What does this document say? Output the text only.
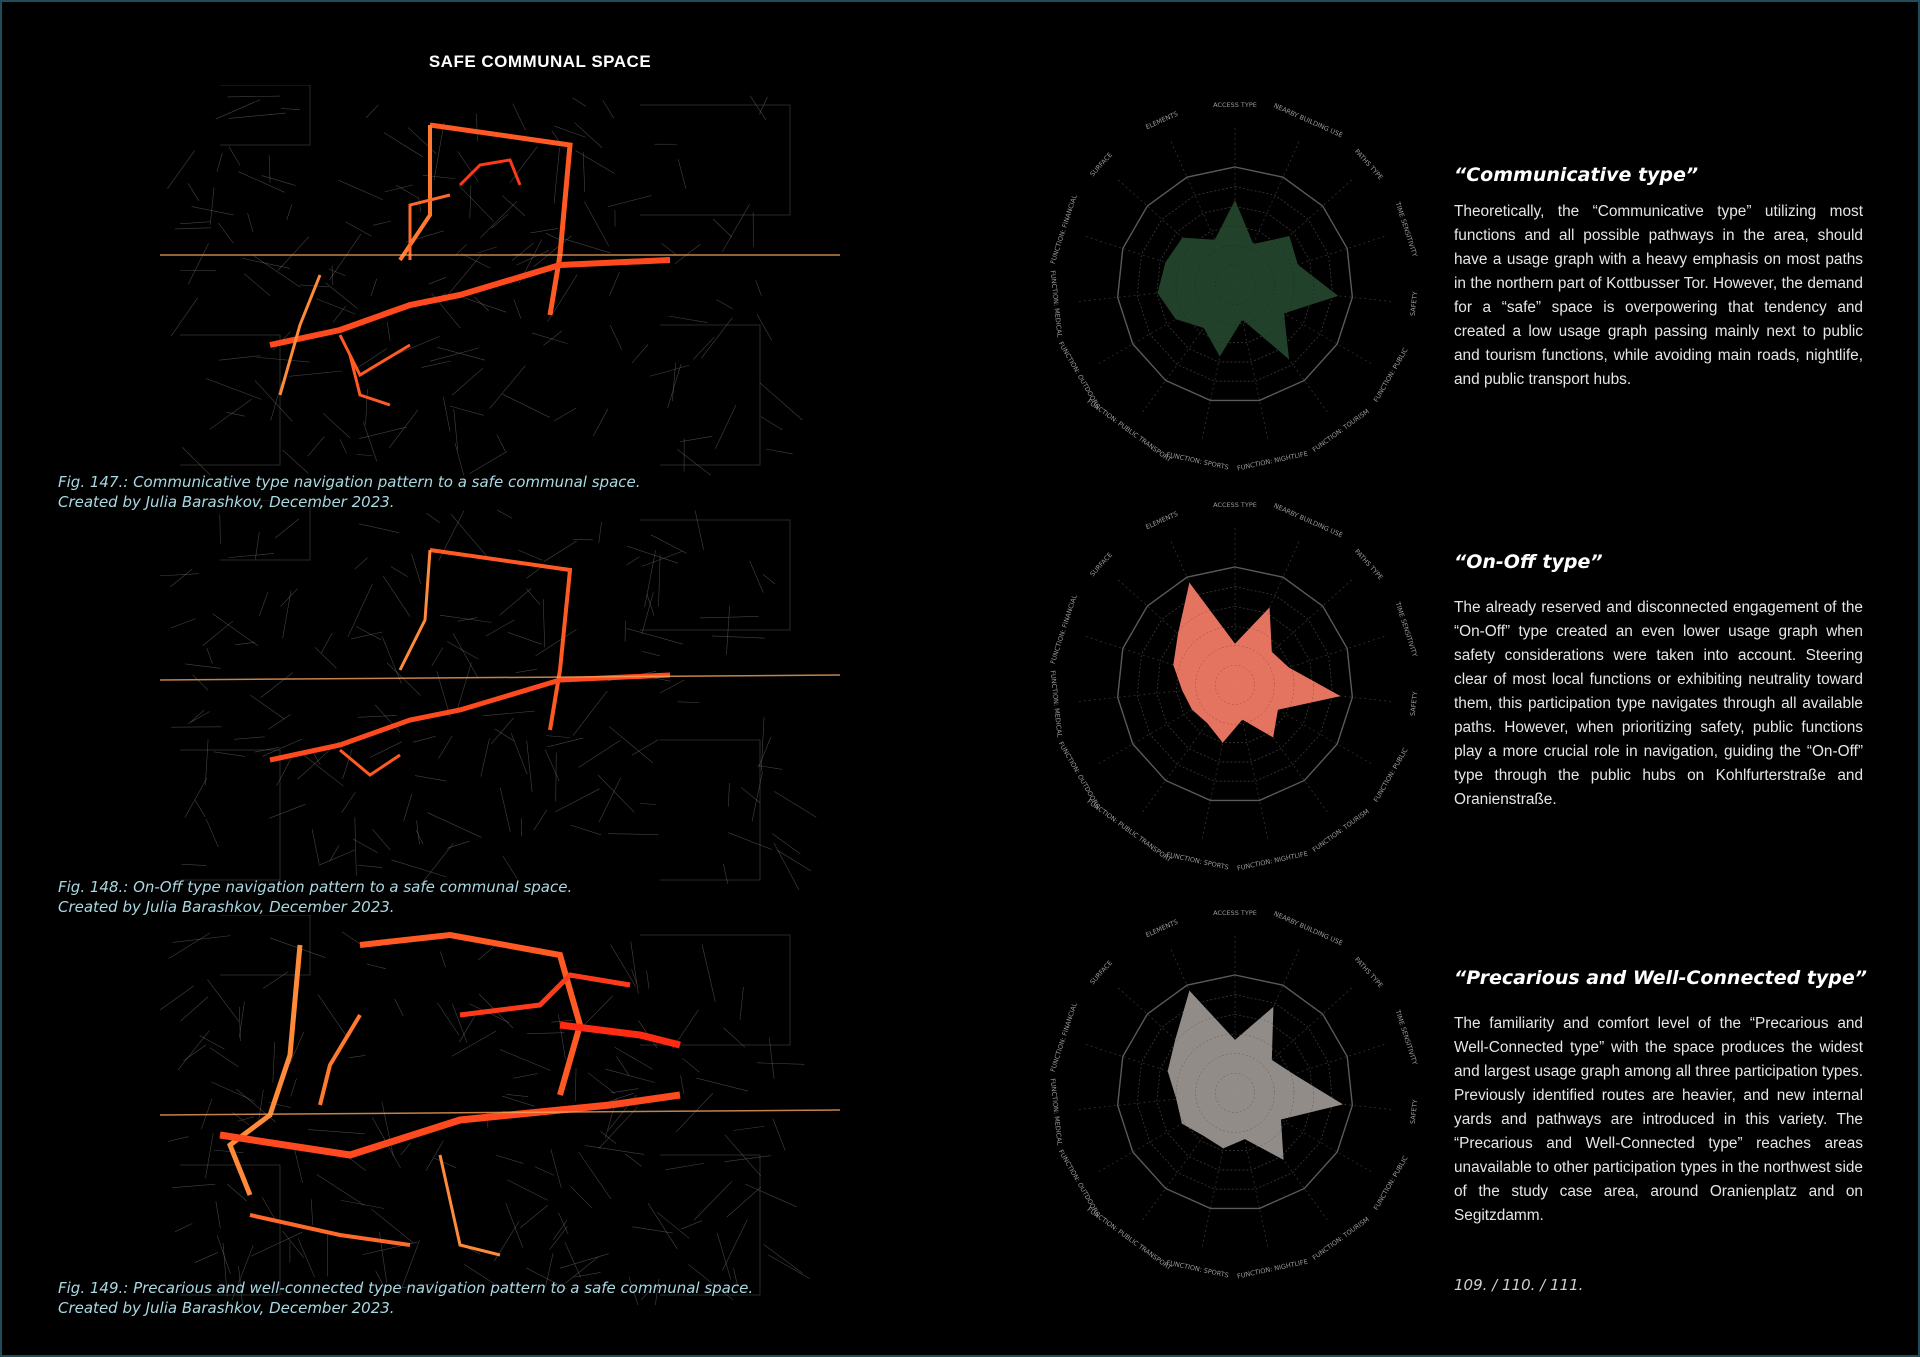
SAFE COMMUNAL SPACE
Fig. 147.: Communicative type navigation pattern to a safe communal space.
Created by Julia Barashkov, December 2023.
Fig. 148.: On-Off type navigation pattern to a safe communal space.
Created by Julia Barashkov, December 2023.
Fig. 149.: Precarious and well-connected type navigation pattern to a safe communal space.
Created by Julia Barashkov, December 2023.
ACCESS TYPE NEARBY BUILDING USE
PATHS TYPE
TIME SENSITIVITY
SAFETY
FUNCTION: PUBLIC
FUNCTION: TOURISM
FUNCTION: NIGHTLIFE
FUNCTION: SPORTS
FUNCTION: PUBLIC TRANSPORT
FUNCTION: OUTDOORS
FUNCTION: MEDICAL
FUNCTION: FINANCIAL
SURFACE
ELEMENTS
ACCESS TYPE NEARBY BUILDING USE
PATHS TYPE
TIME SENSITIVITY
SAFETY
FUNCTION: PUBLIC
FUNCTION: TOURISM
FUNCTION: NIGHTLIFE
FUNCTION: SPORTS
FUNCTION: PUBLIC TRANSPORT
FUNCTION: OUTDOORS
FUNCTION: MEDICAL
FUNCTION: FINANCIAL
SURFACE
ELEMENTS
ACCESS TYPE NEARBY BUILDING USE
PATHS TYPE
TIME SENSITIVITY
SAFETY
FUNCTION: PUBLIC
FUNCTION: TOURISM
FUNCTION: NIGHTLIFE
FUNCTION: SPORTS
FUNCTION: PUBLIC TRANSPORT
FUNCTION: OUTDOORS
FUNCTION: MEDICAL
FUNCTION: FINANCIAL
SURFACE
ELEMENTS
“Communicative type”
Theoretically, the “Communicative type” utilizing most functions and all possible pathways in the area, should have a usage graph with a heavy emphasis on most paths in the northern part of Kottbusser Tor. However, the demand for a “safe” space is overpowering that tendency and created a low usage graph passing mainly next to public and tourism functions, while avoiding main roads, nightlife, and public transport hubs.
“On-Off type”
The already reserved and disconnected engagement of the “On-Off” type created an even lower usage graph when safety considerations were taken into account. Steering clear of most local functions or exhibiting neutrality toward them, this participation type navigates through all available paths. However, when prioritizing safety, public functions play a more crucial role in navigation, guiding the “On-Off” type through the public hubs on Kohlfurterstraße and Oranienstraße.
“Precarious and Well-Connected type”
The familiarity and comfort level of the “Precarious and Well-Connected type” with the space produces the widest and largest usage graph among all three participation types. Previously identified routes are heavier, and new internal yards and pathways are introduced in this variety. The “Precarious and Well-Connected type” reaches areas unavailable to other participation types in the northwest side of the study case area, around Oranienplatz and on Segitzdamm.
109. / 110. / 111.
